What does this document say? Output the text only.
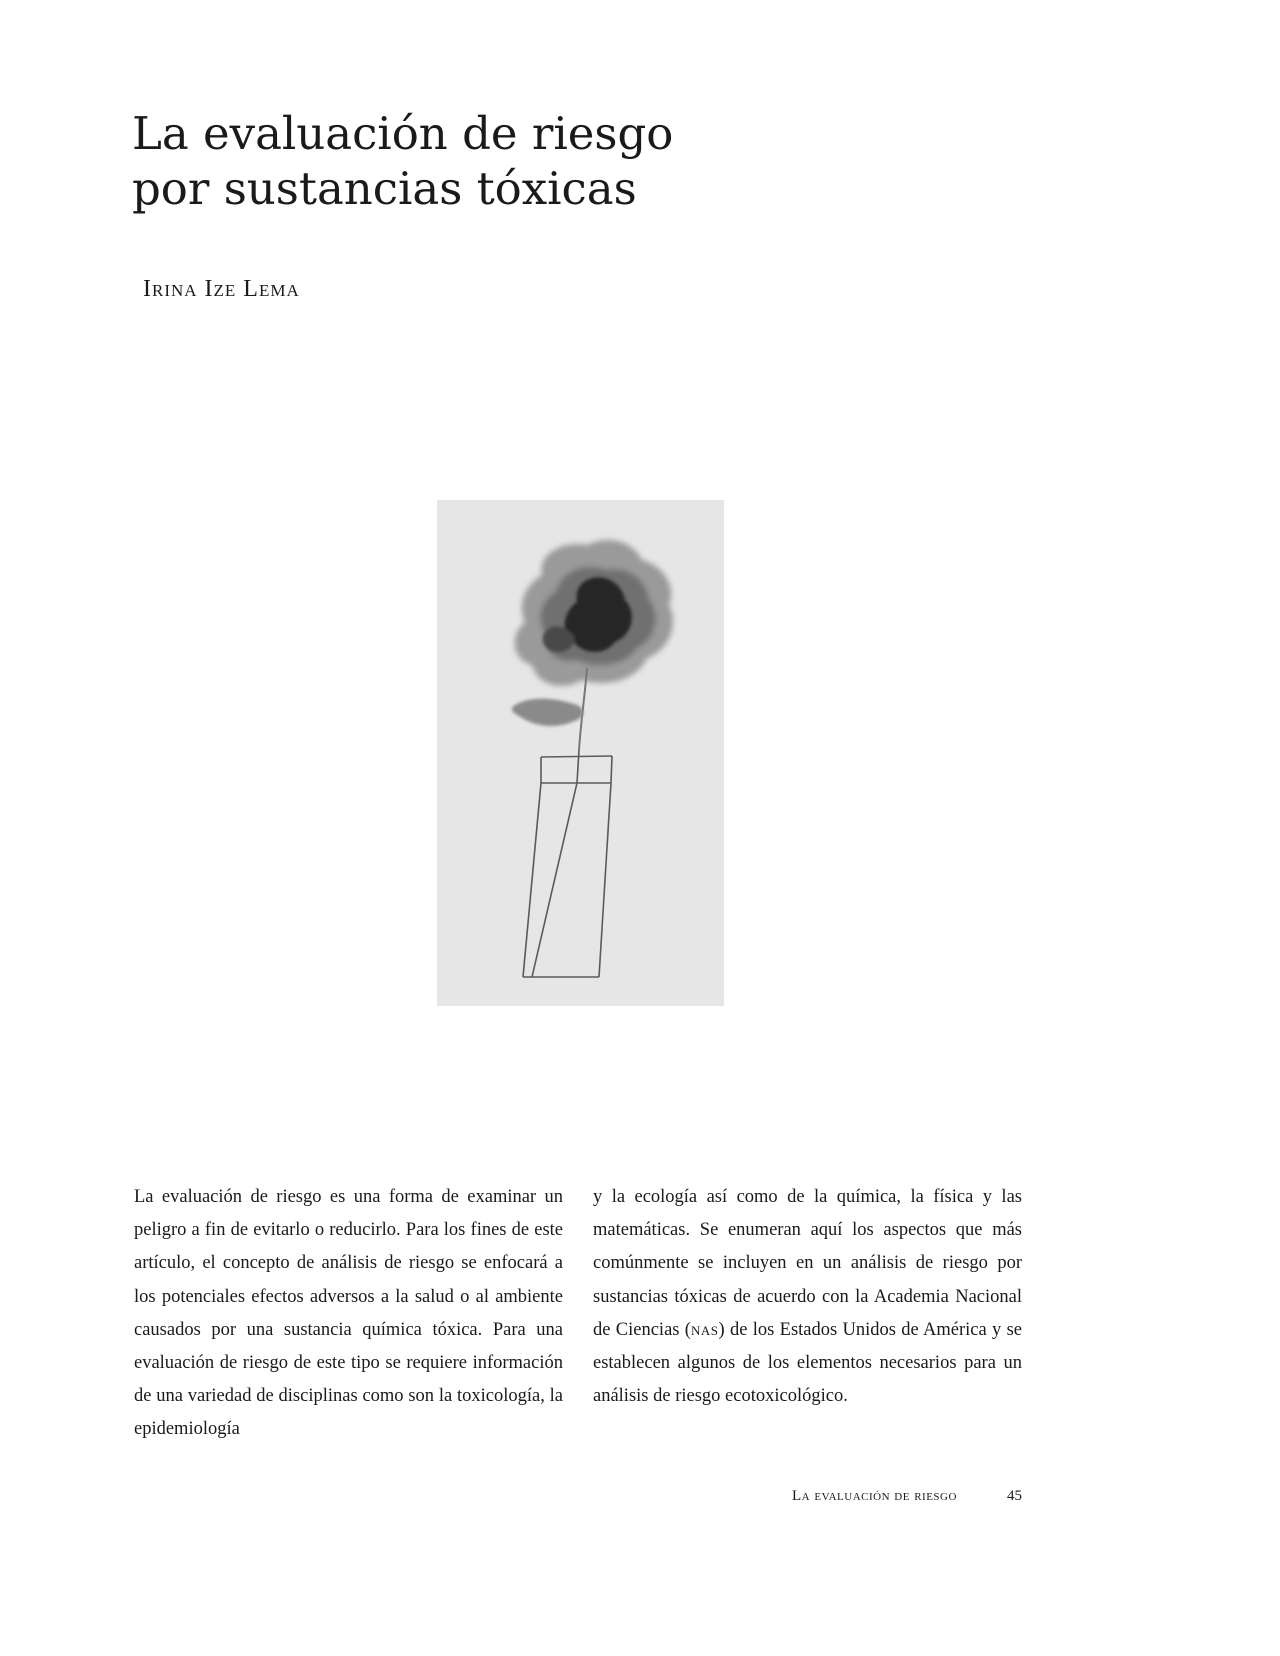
La evaluación de riesgo
por sustancias tóxicas
Irina Ize Lema
La evaluación de riesgo es una forma de examinar un peligro a fin de evitarlo o reducirlo. Para los fines de este artículo, el concepto de análisis de riesgo se enfocará a los potenciales efectos adversos a la salud o al ambiente causados por una sustancia química tóxica. Para una evaluación de riesgo de este tipo se requiere información de una variedad de disciplinas como son la toxicología, la epidemiología
y la ecología así como de la química, la física y las matemáticas. Se enumeran aquí los aspectos que más comúnmente se incluyen en un análisis de riesgo por sustancias tóxicas de acuerdo con la Academia Nacional de Ciencias (nas) de los Estados Unidos de América y se establecen algunos de los elementos necesarios para un análisis de riesgo ecotoxicológico.
La evaluación de riesgo	45
